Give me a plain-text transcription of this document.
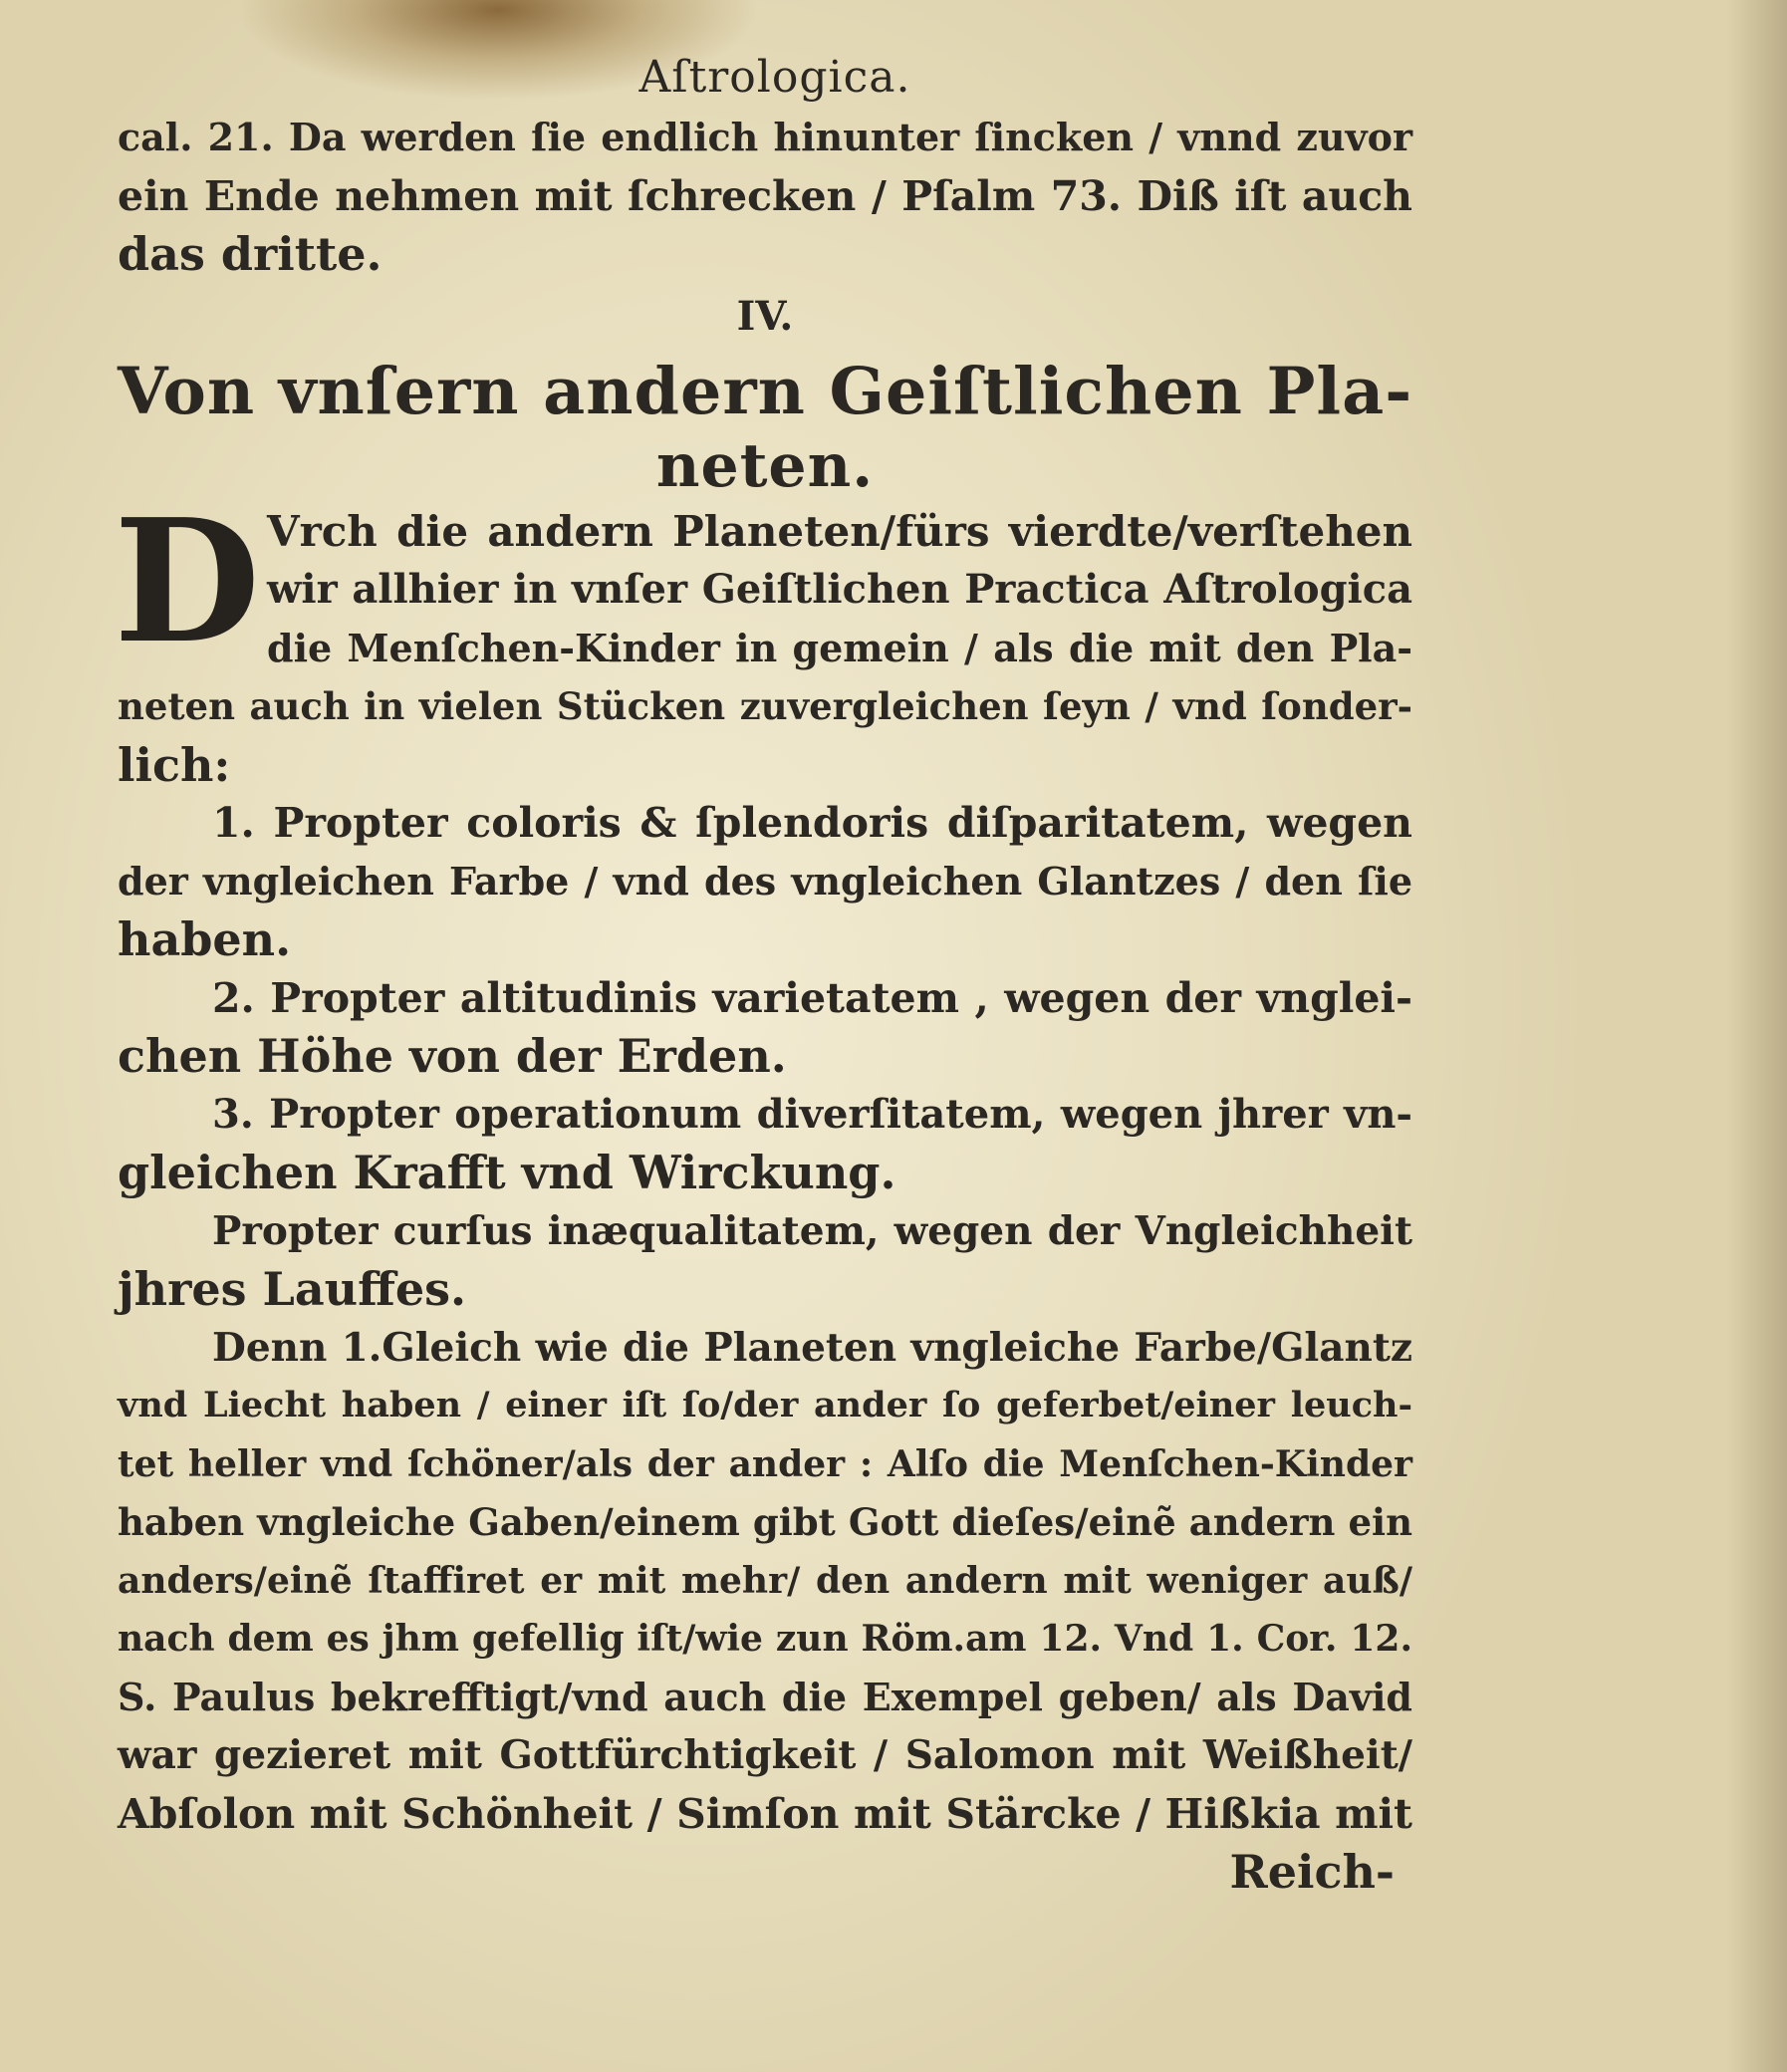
Aſtrologica.
cal. 21. Da werden ſie endlich hinunter ſincken / vnnd zuvor
ein Ende nehmen mit ſchrecken / Pſalm 73. Diß iſt auch
das dritte.
IV.
Von vnſern andern Geiſtlichen Pla-
neten.
D Vrch die andern Planeten/fürs vierdte/verſtehen
wir allhier in vnſer Geiſtlichen Practica Aſtrologica
die Menſchen-Kinder in gemein / als die mit den Pla-
neten auch in vielen Stücken zuvergleichen ſeyn / vnd ſonder-
lich:
1. Propter coloris & ſplendoris diſparitatem, wegen
der vngleichen Farbe / vnd des vngleichen Glantzes / den ſie
haben.
2. Propter altitudinis varietatem , wegen der vnglei-
chen Höhe von der Erden.
3. Propter operationum diverſitatem, wegen jhrer vn-
gleichen Krafft vnd Wirckung.
Propter curſus inæqualitatem, wegen der Vngleichheit
jhres Lauffes.
Denn 1.Gleich wie die Planeten vngleiche Farbe/Glantz
vnd Liecht haben / einer iſt ſo/der ander ſo geferbet/einer leuch-
tet heller vnd ſchöner/als der ander : Alſo die Menſchen-Kinder
haben vngleiche Gaben/einem gibt Gott dieſes/einẽ andern ein
anders/einẽ ſtaffiret er mit mehr/ den andern mit weniger auß/
nach dem es jhm gefellig iſt/wie zun Röm.am 12. Vnd 1. Cor. 12.
S. Paulus bekrefftigt/vnd auch die Exempel geben/ als David
war gezieret mit Gottfürchtigkeit / Salomon mit Weißheit/
Abſolon mit Schönheit / Simſon mit Stärcke / Hißkia mit
Reich-
